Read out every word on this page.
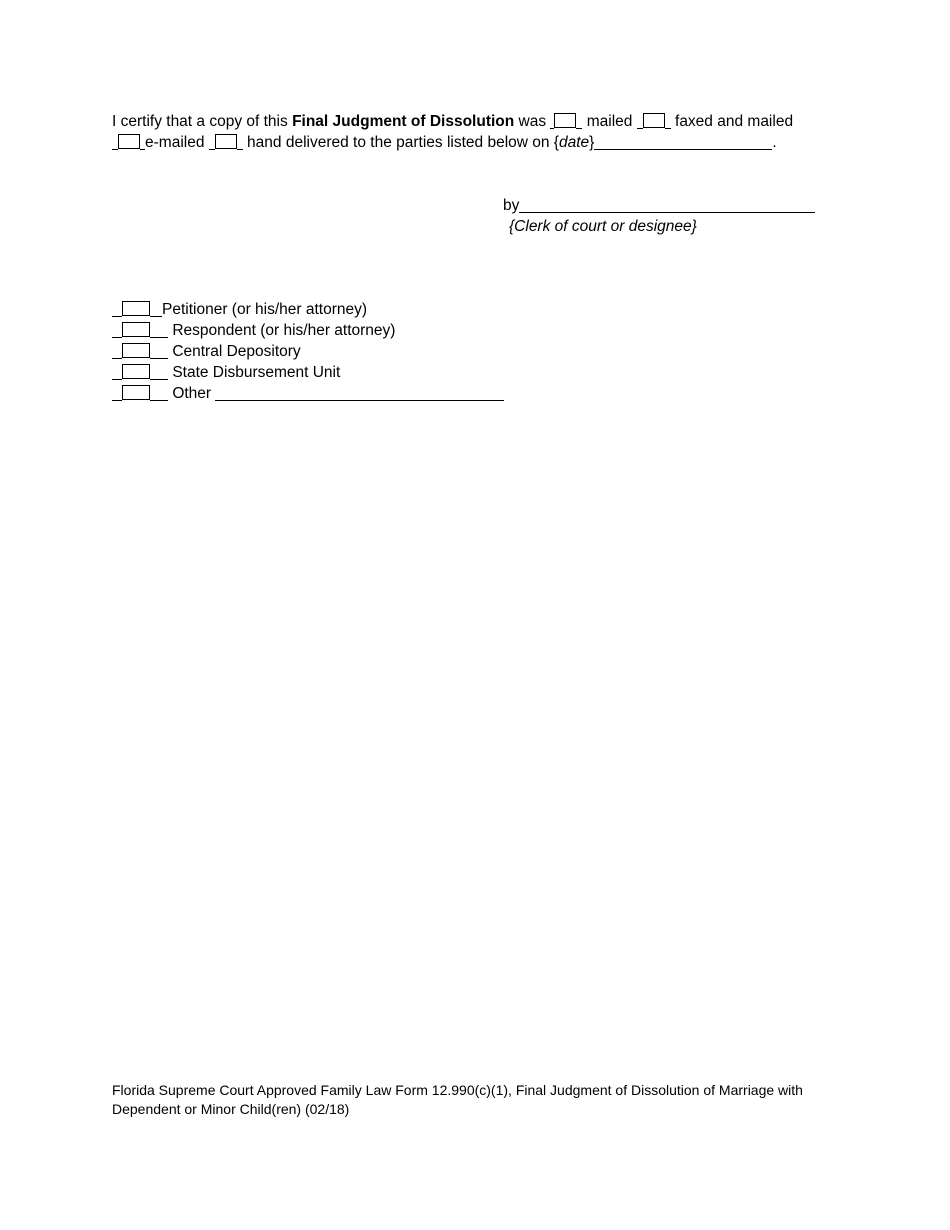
I certify that a copy of this Final Judgment of Dissolution was  mailed  faxed and mailed
e-mailed  hand delivered to the parties listed below on {date}	.
by
{Clerk of court or designee}
Petitioner (or his/her attorney)
Respondent (or his/her attorney)
Central Depository
State Disbursement Unit
Other
Florida Supreme Court Approved Family Law Form 12.990(c)(1), Final Judgment of Dissolution of Marriage with Dependent or Minor Child(ren) (02/18)
